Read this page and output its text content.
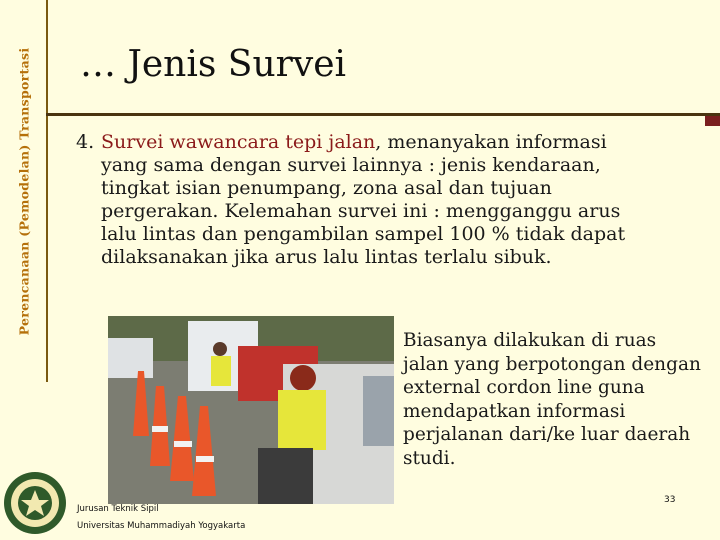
Perencanaan (Pemodelan) Transportasi … Jenis Survei
4. Survei wawancara tepi jalan, menanyakan informasi
yang sama dengan survei lainnya : jenis kendaraan, tingkat isian penumpang, zona asal dan tujuan pergerakan. Kelemahan survei ini : mengganggu arus lalu lintas dan pengambilan sampel 100 % tidak dapat dilaksanakan jika arus lalu lintas terlalu sibuk.
Biasanya dilakukan di ruas jalan yang berpotongan dengan external cordon line guna mendapatkan informasi perjalanan dari/ke luar daerah studi.
Jurusan Teknik Sipil
Universitas Muhammadiyah Yogyakarta
33
